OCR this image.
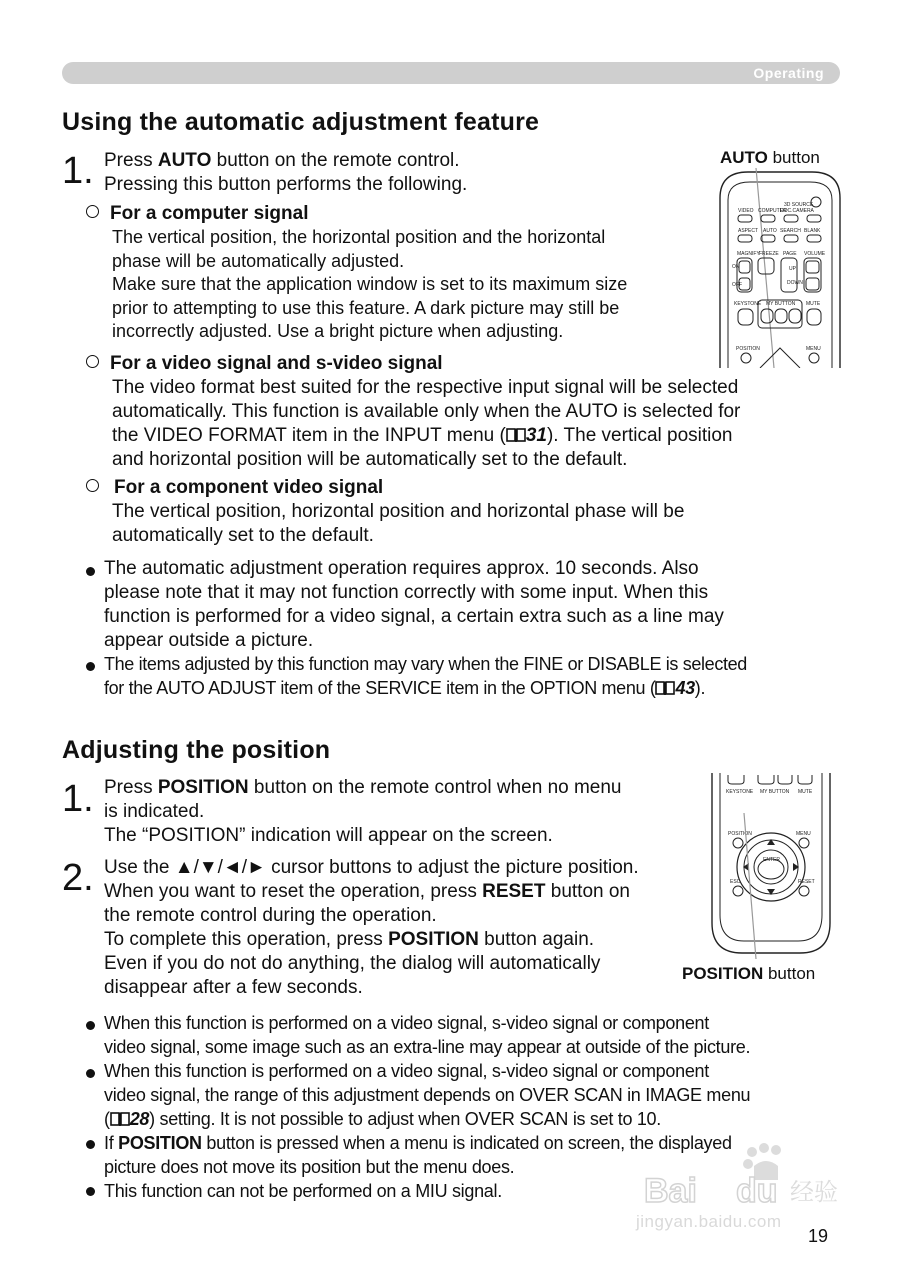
Operating
Using the automatic adjustment feature
1. Press AUTO button on the remote control.
Pressing this button performs the following.
For a computer signal
The vertical position, the horizontal position and the horizontal
phase will be automatically adjusted.
Make sure that the application window is set to its maximum size
prior to attempting to use this feature. A dark picture may still be
incorrectly adjusted. Use a bright picture when adjusting.
AUTO button
VIDEO COMPUTER
DOC.CAMERA
3D SOURCE
ASPECT AUTO SEARCH BLANK
MAGNIFY FREEZE PAGE VOLUME
ON
OFF
UP
DOWN
KEYSTONE MY BUTTON MUTE
POSITION	MENU
For a video signal and s-video signal
The video format best suited for the respective input signal will be selected
automatically. This function is available only when the AUTO is selected for
the VIDEO FORMAT item in the INPUT menu ( 31). The vertical position
and horizontal position will be automatically set to the default.
For a component video signal
The vertical position, horizontal position and horizontal phase will be
automatically set to the default.
The automatic adjustment operation requires approx. 10 seconds. Also
please note that it may not function correctly with some input. When this
function is performed for a video signal, a certain extra such as a line may
appear outside a picture.
The items adjusted by this function may vary when the FINE or DISABLE is selected
for the AUTO ADJUST item of the SERVICE item in the OPTION menu ( 43).
Adjusting the position
1. Press POSITION button on the remote control when no menu
is indicated.
The “POSITION” indication will appear on the screen.
2. Use the ▲/▼/◄/► cursor buttons to adjust the picture position.
When you want to reset the operation, press RESET button on
the remote control during the operation.
To complete this operation, press POSITION button again.
Even if you do not do anything, the dialog will automatically
disappear after a few seconds.
KEYSTONE MY BUTTON MUTE
POSITION	MENU
ENTER
ESC	RESET
POSITION button
When this function is performed on a video signal, s-video signal or component
video signal, some image such as an extra-line may appear at outside of the picture.
When this function is performed on a video signal, s-video signal or component
video signal, the range of this adjustment depends on OVER SCAN in IMAGE menu
( 28) setting. It is not possible to adjust when OVER SCAN is set to 10.
If POSITION button is pressed when a menu is indicated on screen, the displayed
picture does not move its position but the menu does.
This function can not be performed on a MIU signal.	Bai du 经验
jingyan.baidu.com
19
